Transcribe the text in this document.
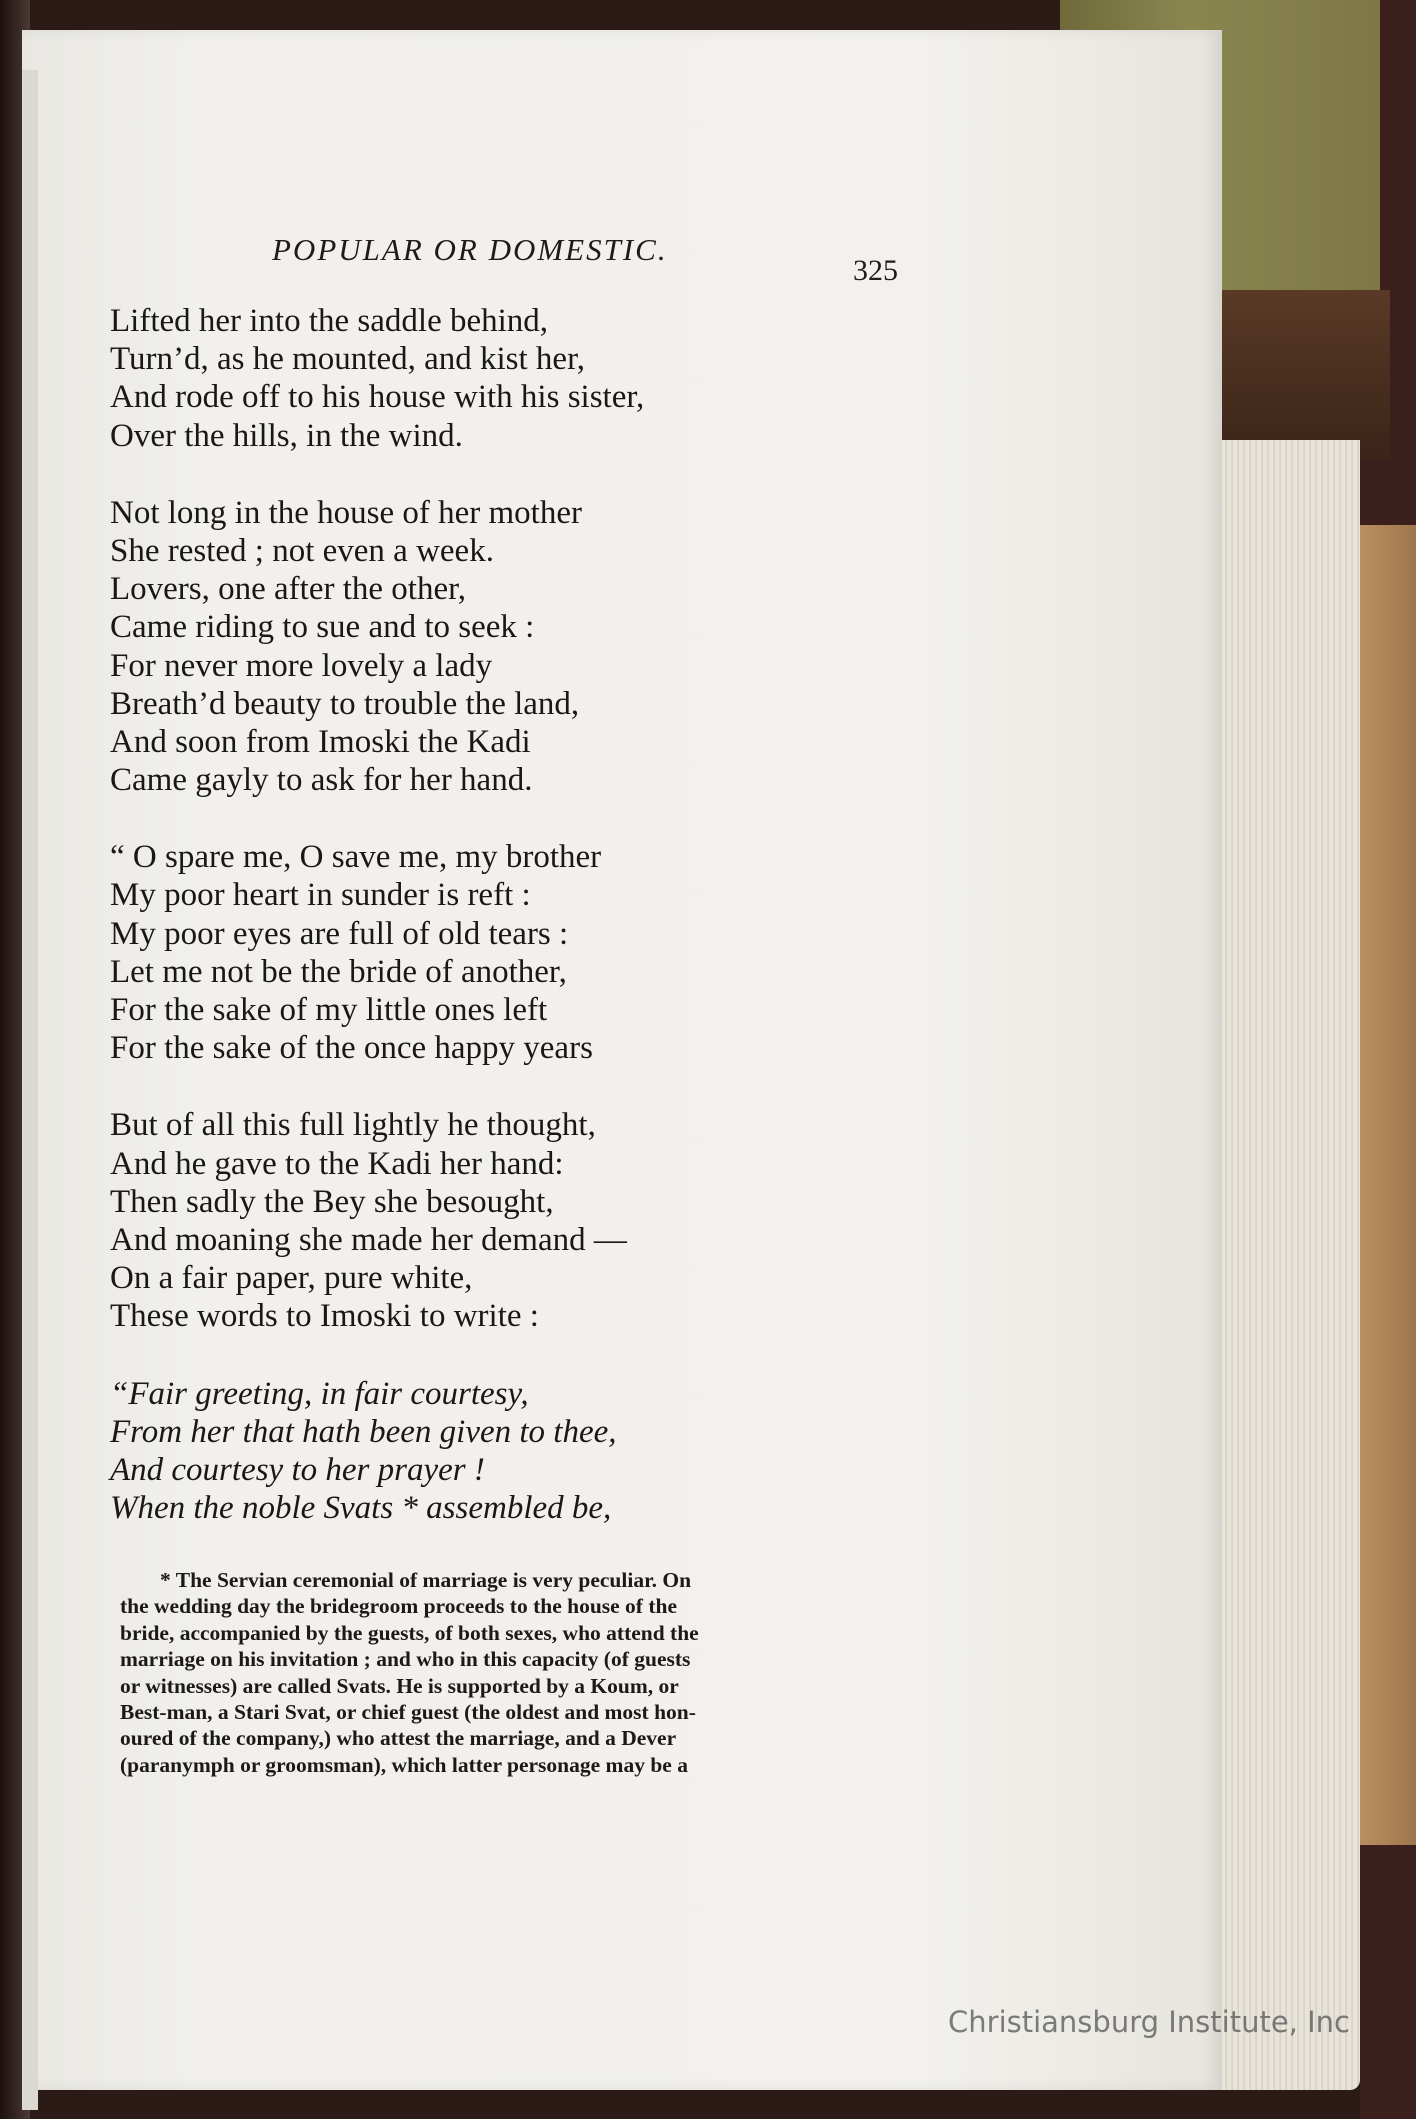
POPULAR OR DOMESTIC.
325
Lifted her into the saddle behind,
Turn’d, as he mounted, and kist her,
And rode off to his house with his sister,
Over the hills, in the wind.
Not long in the house of her mother
She rested ; not even a week.
Lovers, one after the other,
Came riding to sue and to seek :
For never more lovely a lady
Breath’d beauty to trouble the land,
And soon from Imoski the Kadi
Came gayly to ask for her hand.
“ O spare me, O save me, my brother
My poor heart in sunder is reft :
My poor eyes are full of old tears :
Let me not be the bride of another,
For the sake of my little ones left
For the sake of the once happy years
But of all this full lightly he thought,
And he gave to the Kadi her hand:
Then sadly the Bey she besought,
And moaning she made her demand —
On a fair paper, pure white,
These words to Imoski to write :
“Fair greeting, in fair courtesy,
From her that hath been given to thee,
And courtesy to her prayer !
When the noble Svats * assembled be,
* The Servian ceremonial of marriage is very peculiar. On
the wedding day the bridegroom proceeds to the house of the
bride, accompanied by the guests, of both sexes, who attend the
marriage on his invitation ; and who in this capacity (of guests
or witnesses) are called Svats. He is supported by a Koum, or
Best-man, a Stari Svat, or chief guest (the oldest and most hon-
oured of the company,) who attest the marriage, and a Dever
(paranymph or groomsman), which latter personage may be a
Christiansburg Institute, Inc
